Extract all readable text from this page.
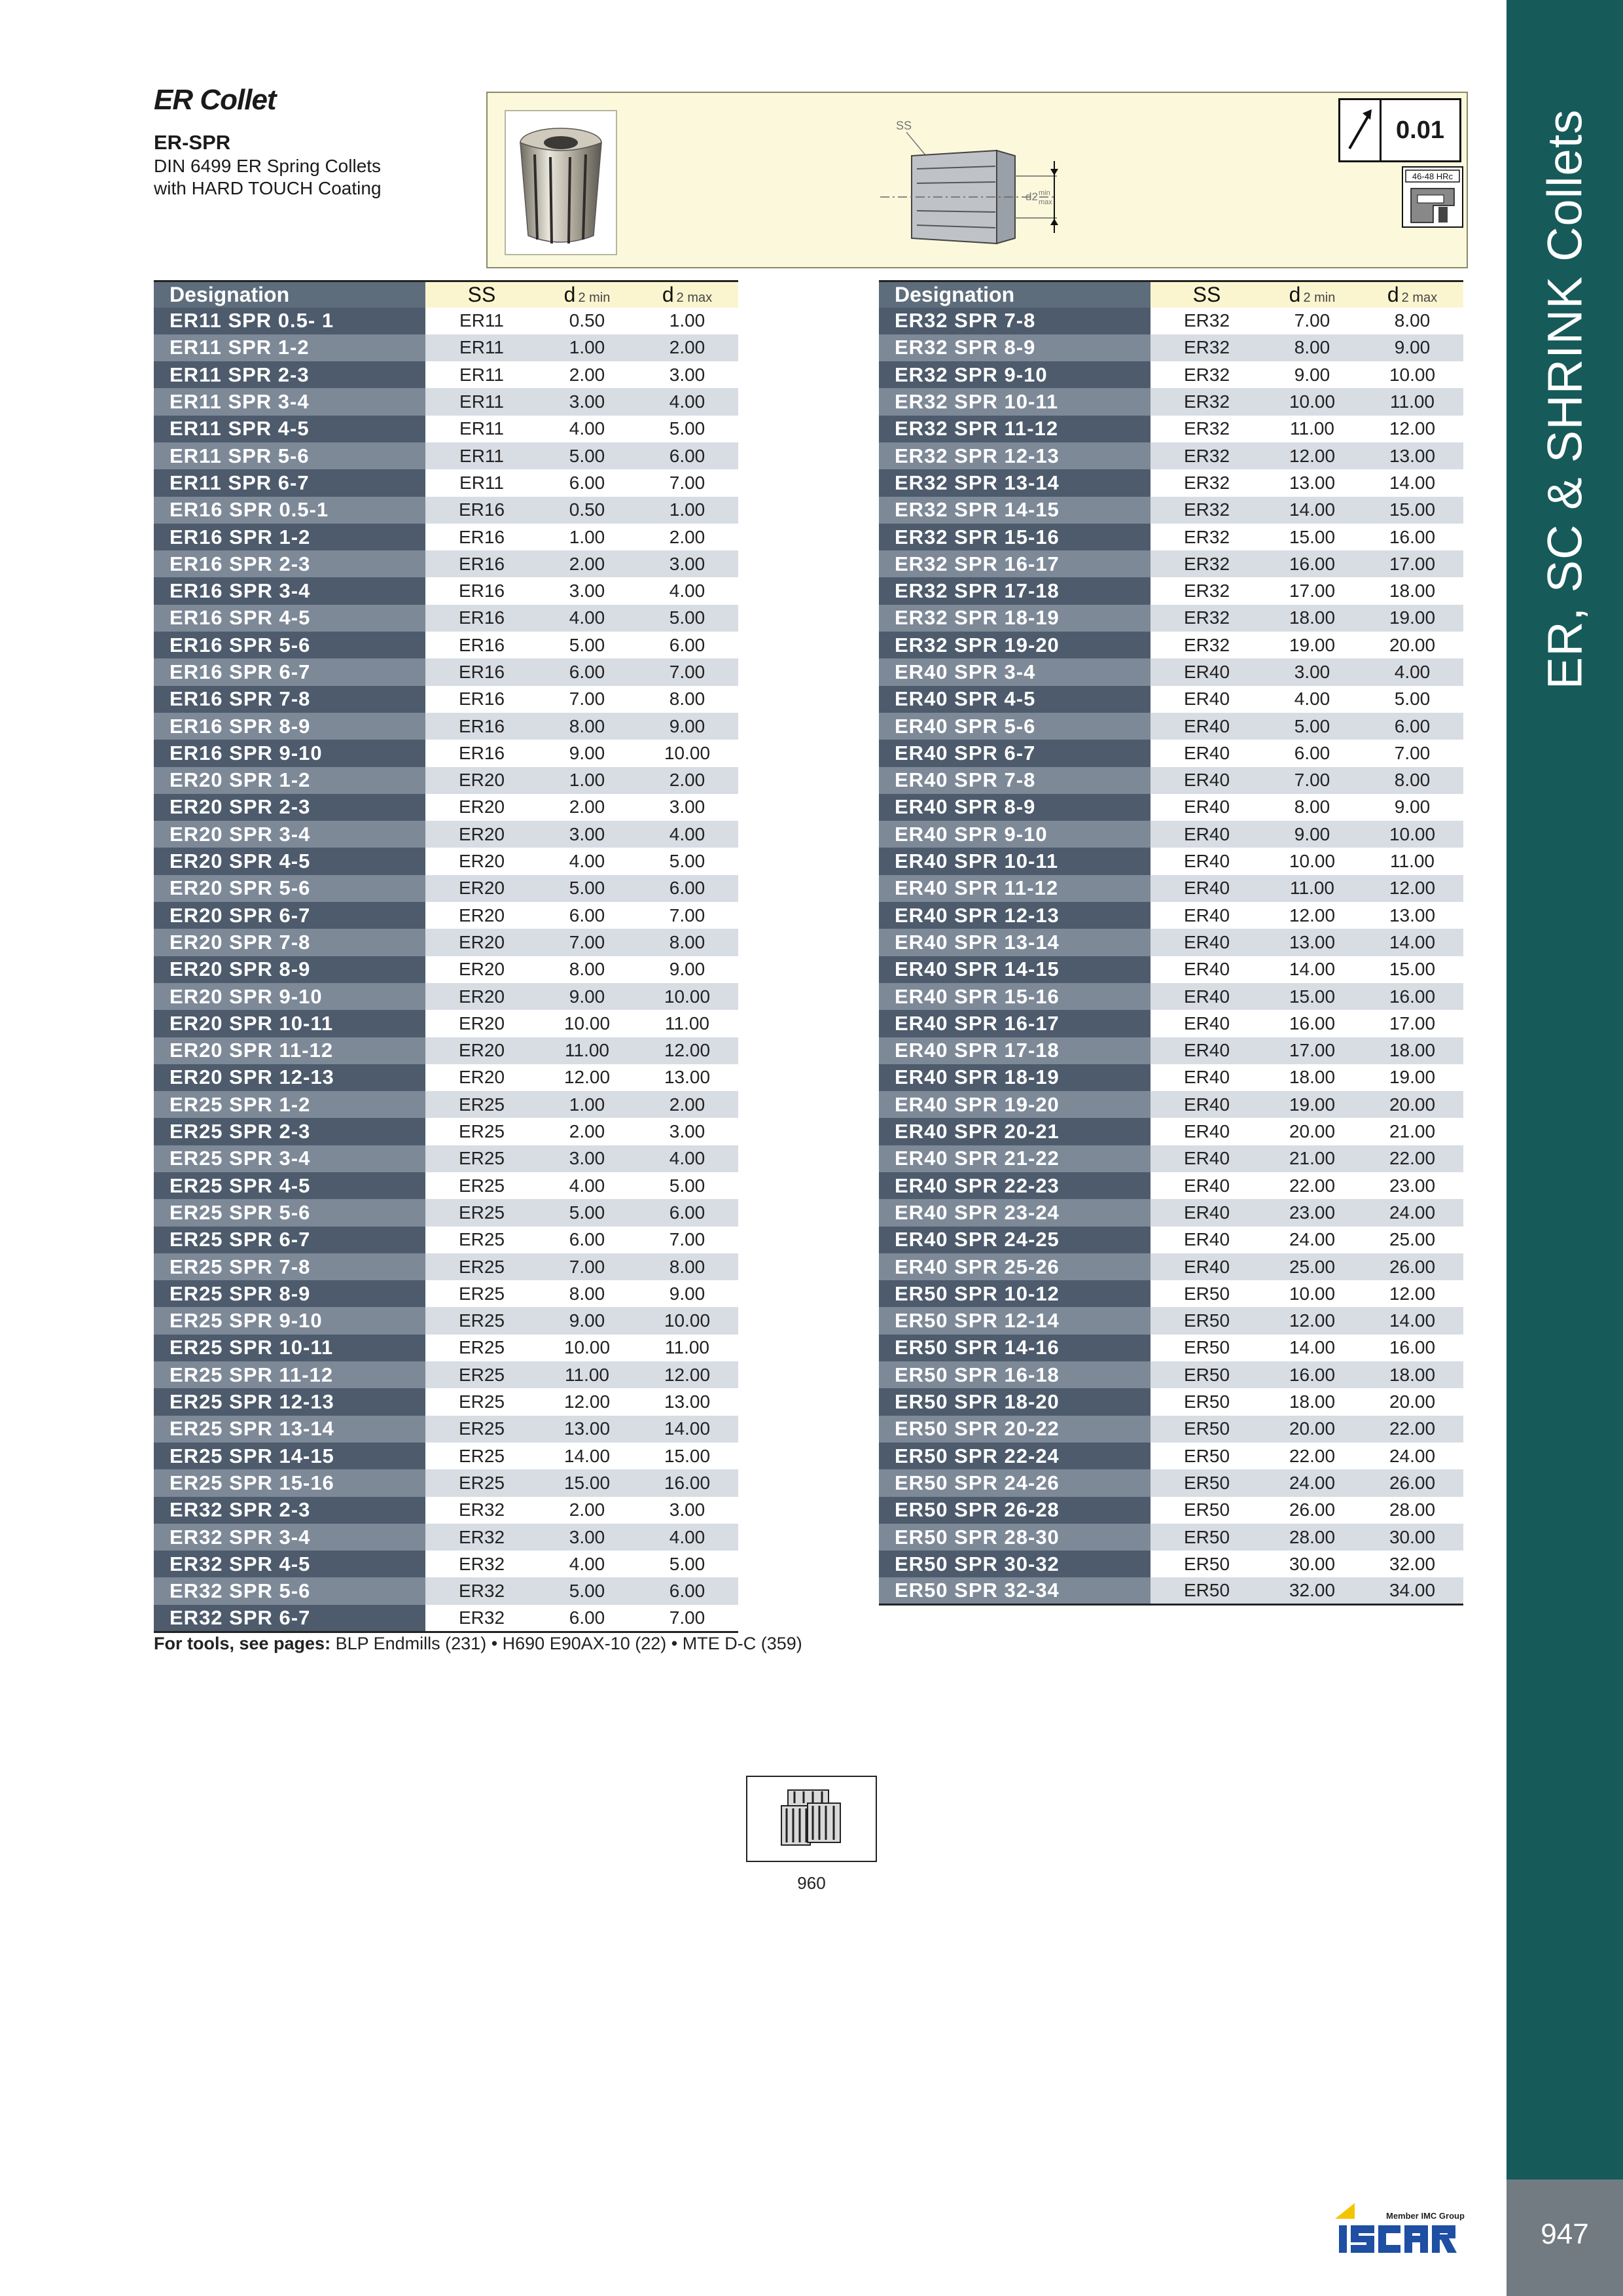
ER Collet
ER-SPR
DIN 6499 ER Spring Collets
with HARD TOUCH Coating
SS
d2 min
max
0.01
46-48 HRc
Designation	SS	d 2 min	d 2 max
ER11 SPR 0.5- 1	ER11	0.50	1.00
ER11 SPR 1-2	ER11	1.00	2.00
ER11 SPR 2-3	ER11	2.00	3.00
ER11 SPR 3-4	ER11	3.00	4.00
ER11 SPR 4-5	ER11	4.00	5.00
ER11 SPR 5-6	ER11	5.00	6.00
ER11 SPR 6-7	ER11	6.00	7.00
ER16 SPR 0.5-1	ER16	0.50	1.00
ER16 SPR 1-2	ER16	1.00	2.00
ER16 SPR 2-3	ER16	2.00	3.00
ER16 SPR 3-4	ER16	3.00	4.00
ER16 SPR 4-5	ER16	4.00	5.00
ER16 SPR 5-6	ER16	5.00	6.00
ER16 SPR 6-7	ER16	6.00	7.00
ER16 SPR 7-8	ER16	7.00	8.00
ER16 SPR 8-9	ER16	8.00	9.00
ER16 SPR 9-10	ER16	9.00	10.00
ER20 SPR 1-2	ER20	1.00	2.00
ER20 SPR 2-3	ER20	2.00	3.00
ER20 SPR 3-4	ER20	3.00	4.00
ER20 SPR 4-5	ER20	4.00	5.00
ER20 SPR 5-6	ER20	5.00	6.00
ER20 SPR 6-7	ER20	6.00	7.00
ER20 SPR 7-8	ER20	7.00	8.00
ER20 SPR 8-9	ER20	8.00	9.00
ER20 SPR 9-10	ER20	9.00	10.00
ER20 SPR 10-11	ER20	10.00	11.00
ER20 SPR 11-12	ER20	11.00	12.00
ER20 SPR 12-13	ER20	12.00	13.00
ER25 SPR 1-2	ER25	1.00	2.00
ER25 SPR 2-3	ER25	2.00	3.00
ER25 SPR 3-4	ER25	3.00	4.00
ER25 SPR 4-5	ER25	4.00	5.00
ER25 SPR 5-6	ER25	5.00	6.00
ER25 SPR 6-7	ER25	6.00	7.00
ER25 SPR 7-8	ER25	7.00	8.00
ER25 SPR 8-9	ER25	8.00	9.00
ER25 SPR 9-10	ER25	9.00	10.00
ER25 SPR 10-11	ER25	10.00	11.00
ER25 SPR 11-12	ER25	11.00	12.00
ER25 SPR 12-13	ER25	12.00	13.00
ER25 SPR 13-14	ER25	13.00	14.00
ER25 SPR 14-15	ER25	14.00	15.00
ER25 SPR 15-16	ER25	15.00	16.00
ER32 SPR 2-3	ER32	2.00	3.00
ER32 SPR 3-4	ER32	3.00	4.00
ER32 SPR 4-5	ER32	4.00	5.00
ER32 SPR 5-6	ER32	5.00	6.00
ER32 SPR 6-7	ER32	6.00	7.00
Designation	SS	d 2 min	d 2 max
ER32 SPR 7-8	ER32	7.00	8.00
ER32 SPR 8-9	ER32	8.00	9.00
ER32 SPR 9-10	ER32	9.00	10.00
ER32 SPR 10-11	ER32	10.00	11.00
ER32 SPR 11-12	ER32	11.00	12.00
ER32 SPR 12-13	ER32	12.00	13.00
ER32 SPR 13-14	ER32	13.00	14.00
ER32 SPR 14-15	ER32	14.00	15.00
ER32 SPR 15-16	ER32	15.00	16.00
ER32 SPR 16-17	ER32	16.00	17.00
ER32 SPR 17-18	ER32	17.00	18.00
ER32 SPR 18-19	ER32	18.00	19.00
ER32 SPR 19-20	ER32	19.00	20.00
ER40 SPR 3-4	ER40	3.00	4.00
ER40 SPR 4-5	ER40	4.00	5.00
ER40 SPR 5-6	ER40	5.00	6.00
ER40 SPR 6-7	ER40	6.00	7.00
ER40 SPR 7-8	ER40	7.00	8.00
ER40 SPR 8-9	ER40	8.00	9.00
ER40 SPR 9-10	ER40	9.00	10.00
ER40 SPR 10-11	ER40	10.00	11.00
ER40 SPR 11-12	ER40	11.00	12.00
ER40 SPR 12-13	ER40	12.00	13.00
ER40 SPR 13-14	ER40	13.00	14.00
ER40 SPR 14-15	ER40	14.00	15.00
ER40 SPR 15-16	ER40	15.00	16.00
ER40 SPR 16-17	ER40	16.00	17.00
ER40 SPR 17-18	ER40	17.00	18.00
ER40 SPR 18-19	ER40	18.00	19.00
ER40 SPR 19-20	ER40	19.00	20.00
ER40 SPR 20-21	ER40	20.00	21.00
ER40 SPR 21-22	ER40	21.00	22.00
ER40 SPR 22-23	ER40	22.00	23.00
ER40 SPR 23-24	ER40	23.00	24.00
ER40 SPR 24-25	ER40	24.00	25.00
ER40 SPR 25-26	ER40	25.00	26.00
ER50 SPR 10-12	ER50	10.00	12.00
ER50 SPR 12-14	ER50	12.00	14.00
ER50 SPR 14-16	ER50	14.00	16.00
ER50 SPR 16-18	ER50	16.00	18.00
ER50 SPR 18-20	ER50	18.00	20.00
ER50 SPR 20-22	ER50	20.00	22.00
ER50 SPR 22-24	ER50	22.00	24.00
ER50 SPR 24-26	ER50	24.00	26.00
ER50 SPR 26-28	ER50	26.00	28.00
ER50 SPR 28-30	ER50	28.00	30.00
ER50 SPR 30-32	ER50	30.00	32.00
ER50 SPR 32-34	ER50	32.00	34.00
For tools, see pages: BLP Endmills (231) • H690 E90AX-10 (22) • MTE D-C (359)
960
ER, SC & SHRINK Collets
947
Member IMC Group
